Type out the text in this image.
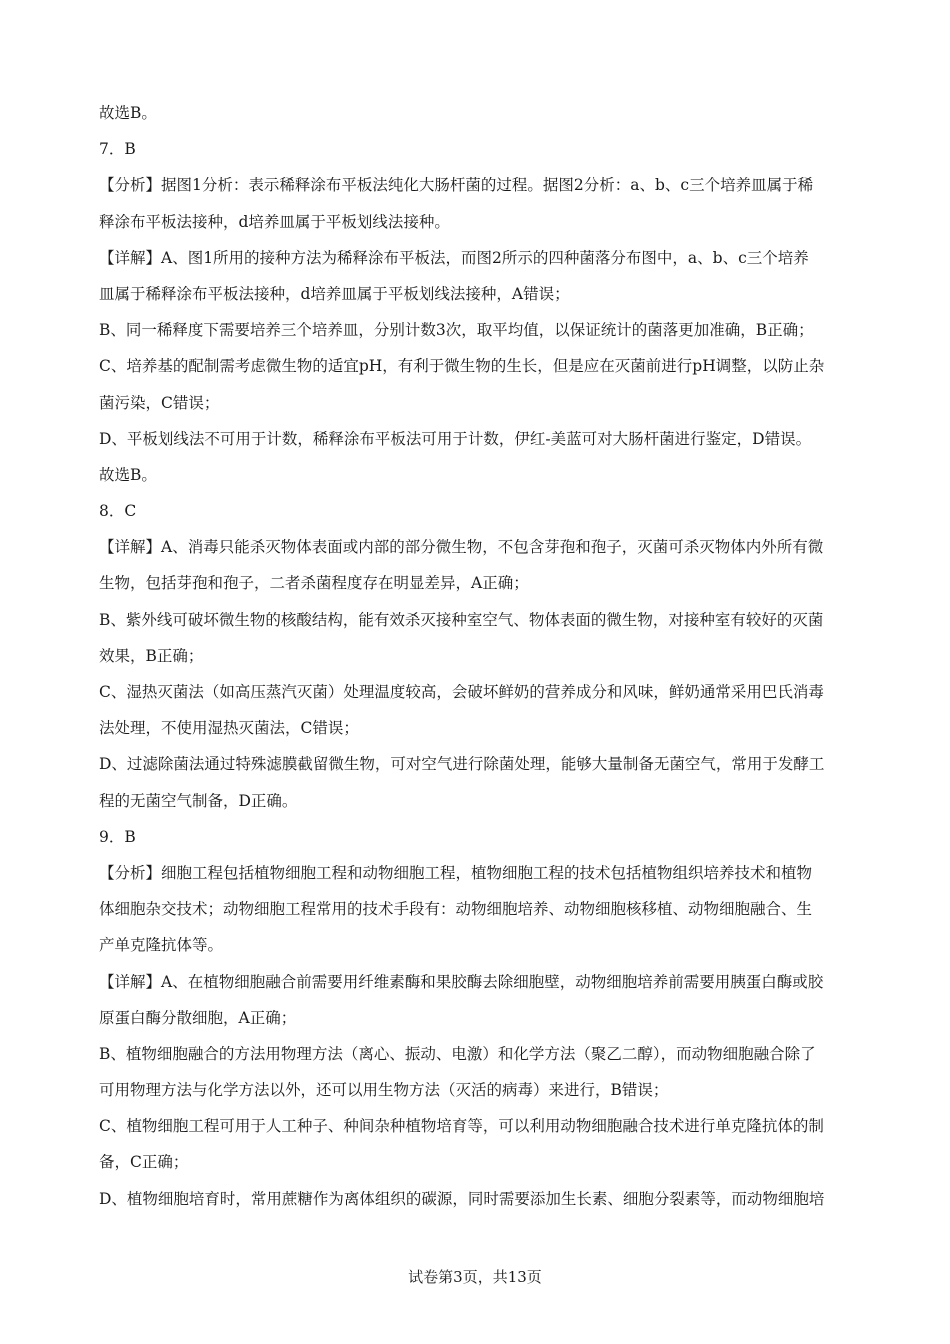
故选B。
7．B
【分析】据图1分析：表示稀释涂布平板法纯化大肠杆菌的过程。据图2分析：a、b、c三个培养皿属于稀
释涂布平板法接种，d培养皿属于平板划线法接种。
【详解】A、图1所用的接种方法为稀释涂布平板法，而图2所示的四种菌落分布图中，a、b、c三个培养
皿属于稀释涂布平板法接种，d培养皿属于平板划线法接种，A错误；
B、同一稀释度下需要培养三个培养皿，分别计数3次，取平均值，以保证统计的菌落更加准确，B正确；
C、培养基的配制需考虑微生物的适宜pH，有利于微生物的生长，但是应在灭菌前进行pH调整，以防止杂
菌污染，C错误；
D、平板划线法不可用于计数，稀释涂布平板法可用于计数，伊红-美蓝可对大肠杆菌进行鉴定，D错误。
故选B。
8．C
【详解】A、消毒只能杀灭物体表面或内部的部分微生物，不包含芽孢和孢子，灭菌可杀灭物体内外所有微
生物，包括芽孢和孢子，二者杀菌程度存在明显差异，A正确；
B、紫外线可破坏微生物的核酸结构，能有效杀灭接种室空气、物体表面的微生物，对接种室有较好的灭菌
效果，B正确；
C、湿热灭菌法（如高压蒸汽灭菌）处理温度较高，会破坏鲜奶的营养成分和风味，鲜奶通常采用巴氏消毒
法处理，不使用湿热灭菌法，C错误；
D、过滤除菌法通过特殊滤膜截留微生物，可对空气进行除菌处理，能够大量制备无菌空气，常用于发酵工
程的无菌空气制备，D正确。
9．B
【分析】细胞工程包括植物细胞工程和动物细胞工程，植物细胞工程的技术包括植物组织培养技术和植物
体细胞杂交技术；动物细胞工程常用的技术手段有：动物细胞培养、动物细胞核移植、动物细胞融合、生
产单克隆抗体等。
【详解】A、在植物细胞融合前需要用纤维素酶和果胶酶去除细胞壁，动物细胞培养前需要用胰蛋白酶或胶
原蛋白酶分散细胞，A正确；
B、植物细胞融合的方法用物理方法（离心、振动、电激）和化学方法（聚乙二醇），而动物细胞融合除了
可用物理方法与化学方法以外，还可以用生物方法（灭活的病毒）来进行，B错误；
C、植物细胞工程可用于人工种子、种间杂种植物培育等，可以利用动物细胞融合技术进行单克隆抗体的制
备，C正确；
D、植物细胞培育时，常用蔗糖作为离体组织的碳源，同时需要添加生长素、细胞分裂素等，而动物细胞培
试卷第3页，共13页
